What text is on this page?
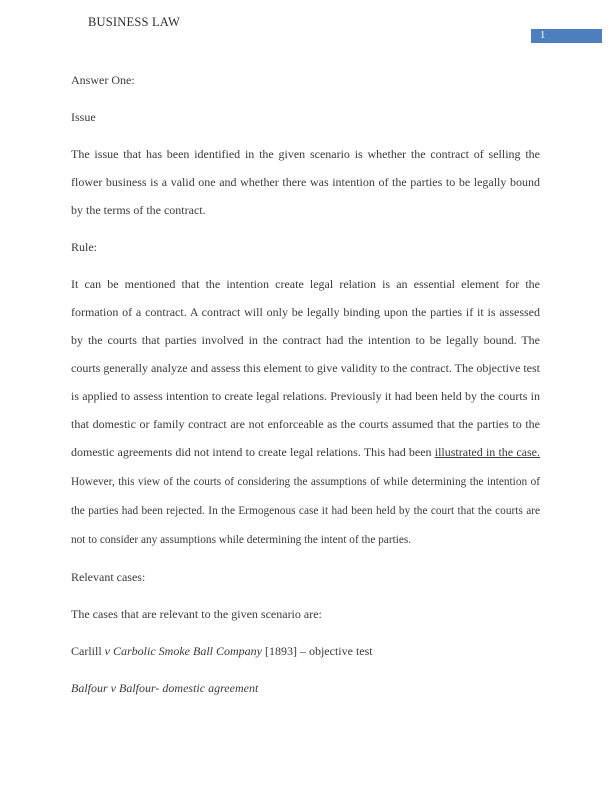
BUSINESS LAW
1

Answer One:

Issue

The issue that has been identified in the given scenario is whether the contract of selling the flower business is a valid one and whether there was intention of the parties to be legally bound by the terms of the contract.

Rule:

It can be mentioned that the intention create legal relation is an essential element for the formation of a contract. A contract will only be legally binding upon the parties if it is assessed by the courts that parties involved in the contract had the intention to be legally bound. The courts generally analyze and assess this element to give validity to the contract. The objective test is applied to assess intention to create legal relations. Previously it had been held by the courts in that domestic or family contract are not enforceable as the courts assumed that the parties to the domestic agreements did not intend to create legal relations. This had been illustrated in the case. However, this view of the courts of considering the assumptions of while determining the intention of the parties had been rejected. In the Ermogenous case it had been held by the court that the courts are not to consider any assumptions while determining the intent of the parties.

Relevant cases:

The cases that are relevant to the given scenario are:

Carlill v Carbolic Smoke Ball Company [1893] – objective test

Balfour v Balfour- domestic agreement
